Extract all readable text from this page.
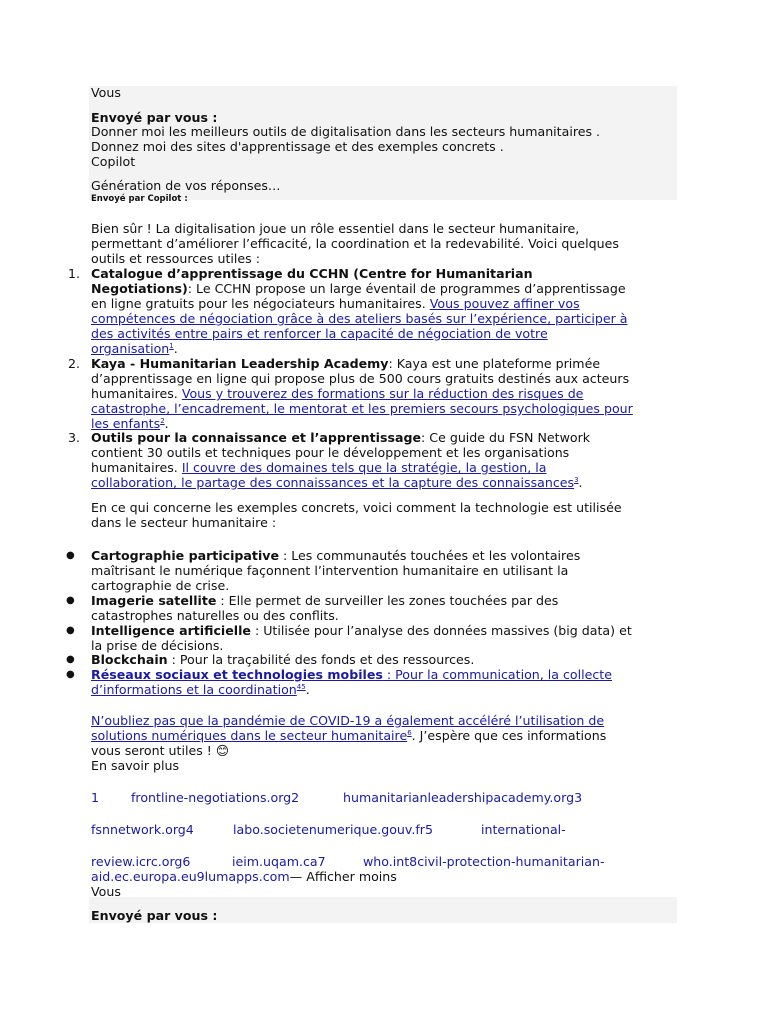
Vous
Envoyé par vous :
Donner moi les meilleurs outils de digitalisation dans les secteurs humanitaires .
Donnez moi des sites d'apprentissage et des exemples concrets .
Copilot
Génération de vos réponses…
Envoyé par Copilot :
Bien sûr ! La digitalisation joue un rôle essentiel dans le secteur humanitaire,
permettant d’améliorer l’efficacité, la coordination et la redevabilité. Voici quelques
outils et ressources utiles :
1. Catalogue d’apprentissage du CCHN (Centre for Humanitarian
Negotiations): Le CCHN propose un large éventail de programmes d’apprentissage
en ligne gratuits pour les négociateurs humanitaires. Vous pouvez affiner vos
compétences de négociation grâce à des ateliers basés sur l’expérience, participer à
des activités entre pairs et renforcer la capacité de négociation de votre
organisation$^1$.
2. Kaya - Humanitarian Leadership Academy: Kaya est une plateforme primée
d’apprentissage en ligne qui propose plus de 500 cours gratuits destinés aux acteurs
humanitaires. Vous y trouverez des formations sur la réduction des risques de
catastrophe, l’encadrement, le mentorat et les premiers secours psychologiques pour
les enfants$^2$.
3. Outils pour la connaissance et l’apprentissage: Ce guide du FSN Network
contient 30 outils et techniques pour le développement et les organisations
humanitaires. Il couvre des domaines tels que la stratégie, la gestion, la
collaboration, le partage des connaissances et la capture des connaissances$^3$.
En ce qui concerne les exemples concrets, voici comment la technologie est utilisée
dans le secteur humanitaire :
● Cartographie participative : Les communautés touchées et les volontaires
maîtrisant le numérique façonnent l’intervention humanitaire en utilisant la
cartographie de crise.
● Imagerie satellite : Elle permet de surveiller les zones touchées par des
catastrophes naturelles ou des conflits.
● Intelligence artificielle : Utilisée pour l’analyse des données massives (big data) et
la prise de décisions.
● Blockchain : Pour la traçabilité des fonds et des ressources.
● Réseaux sociaux et technologies mobiles : Pour la communication, la collecte
d’informations et la coordination$^{45}$.
N’oubliez pas que la pandémie de COVID-19 a également accéléré l’utilisation de
solutions numériques dans le secteur humanitaire$^6$. J’espère que ces informations
vous seront utiles ! 😊
En savoir plus
1	frontline-negotiations.org2	humanitarianleadershipacademy.org3
fsnnetwork.org4	labo.societenumerique.gouv.fr5	international-
review.icrc.org6	ieim.uqam.ca7	who.int8civil-protection-humanitarian-
aid.ec.europa.eu9lumapps.com— Afficher moins
Vous
Envoyé par vous :
